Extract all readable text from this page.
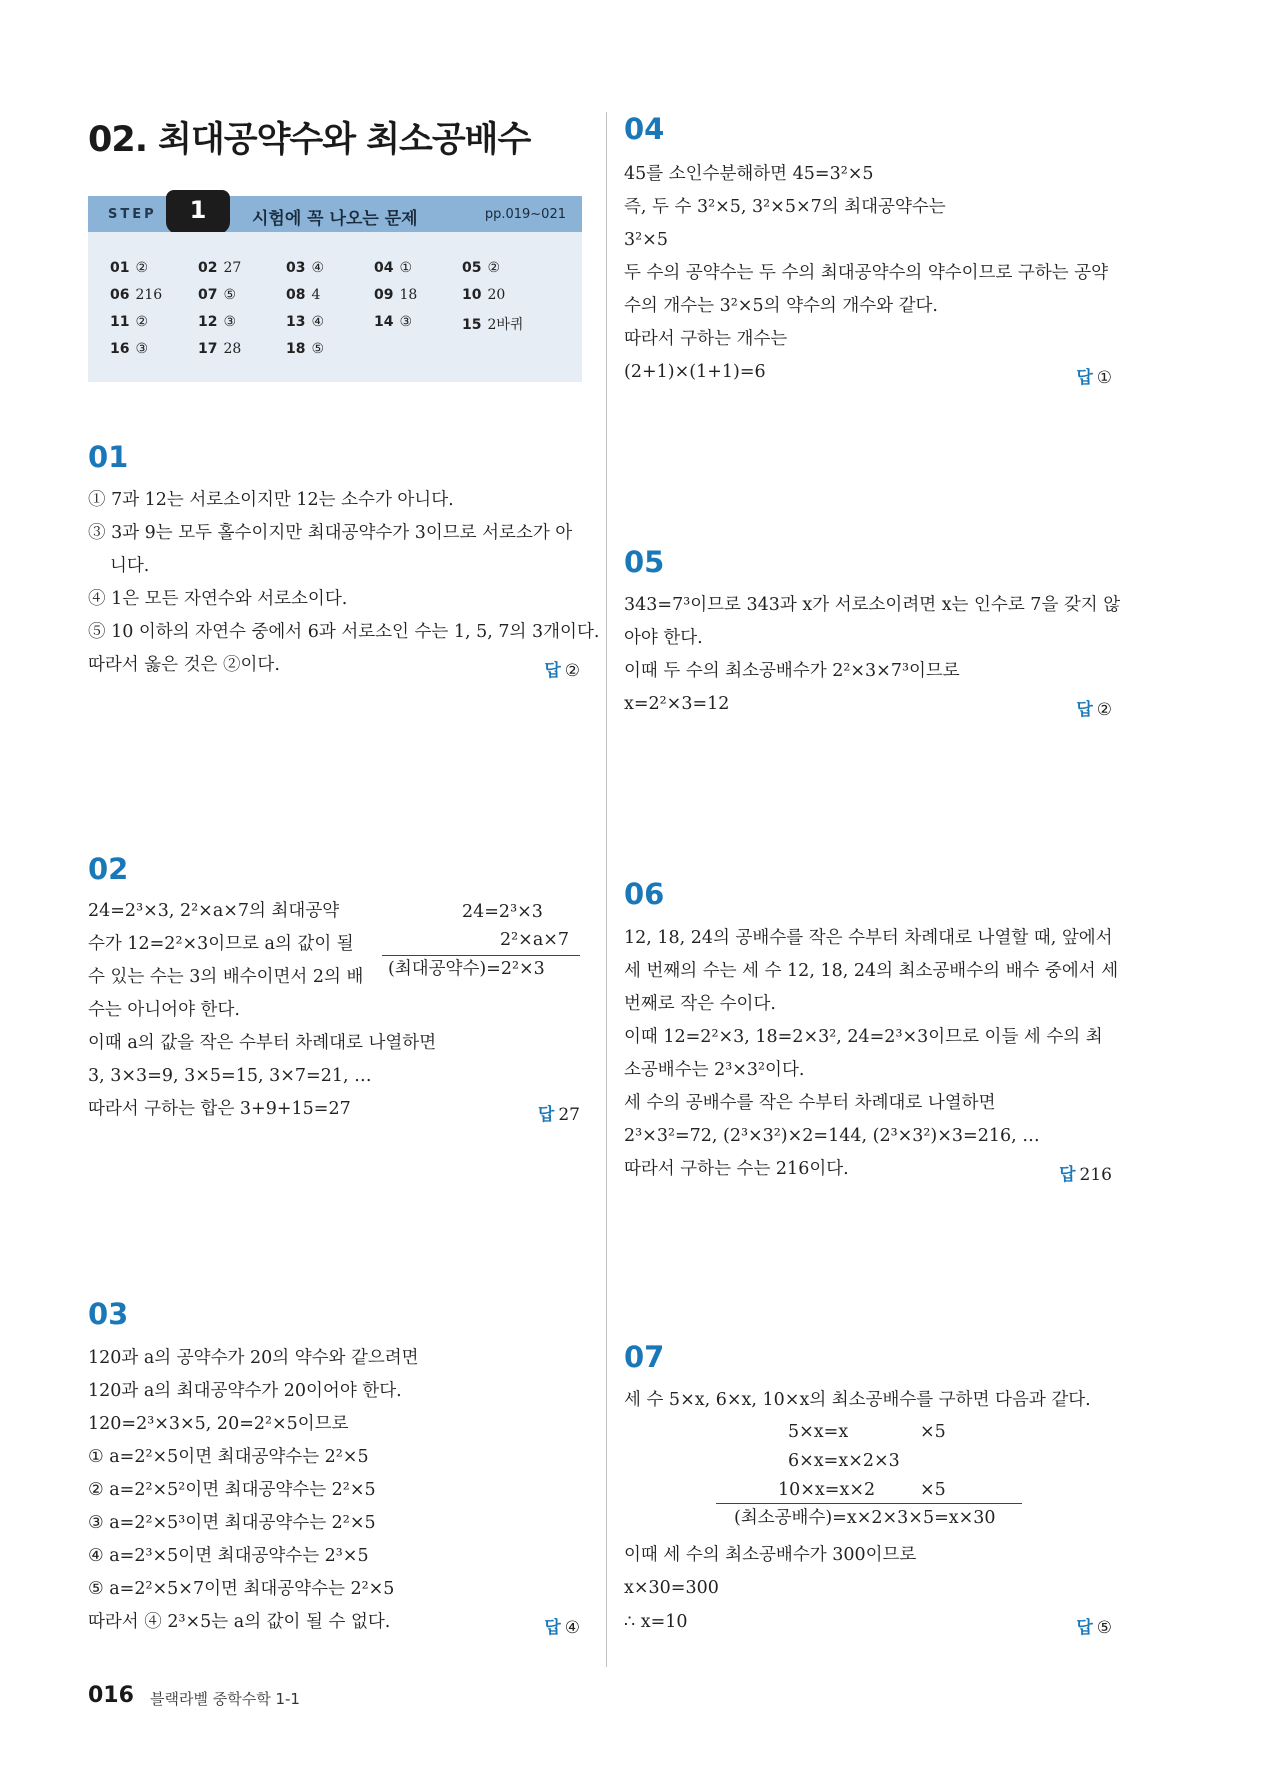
02. 최대공약수와 최소공배수
STEP	1	시험에 꼭 나오는 문제	pp.019~021
01 ②	02 27	03 ④	04 ①	05 ②
06 216	07 ⑤	08 4	09 18	10 20
11 ②	12 ③	13 ④	14 ③	15 2바퀴
16 ③	17 28	18 ⑤
01
① 7과 12는 서로소이지만 12는 소수가 아니다.
③ 3과 9는 모두 홀수이지만 최대공약수가 3이므로 서로소가 아
니다.
④ 1은 모든 자연수와 서로소이다.
⑤ 10 이하의 자연수 중에서 6과 서로소인 수는 1, 5, 7의 3개이다.
따라서 옳은 것은 ②이다.	답 ②
02
24=2³×3, 2²×a×7의 최대공약
수가 12=2²×3이므로 a의 값이 될
수 있는 수는 3의 배수이면서 2의 배
수는 아니어야 한다.
이때 a의 값을 작은 수부터 차례대로 나열하면
3, 3×3=9, 3×5=15, 3×7=21, …
따라서 구하는 합은 3+9+15=27
24=2³×3
2²×a×7
(최대공약수)=2²×3
답 27
03
120과 a의 공약수가 20의 약수와 같으려면
120과 a의 최대공약수가 20이어야 한다.
120=2³×3×5, 20=2²×5이므로
① a=2²×5이면 최대공약수는 2²×5
② a=2²×5²이면 최대공약수는 2²×5
③ a=2²×5³이면 최대공약수는 2²×5
④ a=2³×5이면 최대공약수는 2³×5
⑤ a=2²×5×7이면 최대공약수는 2²×5
따라서 ④ 2³×5는 a의 값이 될 수 없다.	답 ④
04
45를 소인수분해하면 45=3²×5
즉, 두 수 3²×5, 3²×5×7의 최대공약수는
3²×5
두 수의 공약수는 두 수의 최대공약수의 약수이므로 구하는 공약
수의 개수는 3²×5의 약수의 개수와 같다.
따라서 구하는 개수는
(2+1)×(1+1)=6	답 ①
05
343=7³이므로 343과 x가 서로소이려면 x는 인수로 7을 갖지 않
아야 한다.
이때 두 수의 최소공배수가 2²×3×7³이므로
x=2²×3=12	답 ②
06
12, 18, 24의 공배수를 작은 수부터 차례대로 나열할 때, 앞에서
세 번째의 수는 세 수 12, 18, 24의 최소공배수의 배수 중에서 세
번째로 작은 수이다.
이때 12=2²×3, 18=2×3², 24=2³×3이므로 이들 세 수의 최
소공배수는 2³×3²이다.
세 수의 공배수를 작은 수부터 차례대로 나열하면
2³×3²=72, (2³×3²)×2=144, (2³×3²)×3=216, …
따라서 구하는 수는 216이다.	답 216
07
세 수 5×x, 6×x, 10×x의 최소공배수를 구하면 다음과 같다.
5×x=x	×5
6×x=x×2×3
10×x=x×2	×5
(최소공배수)=x×2×3×5=x×30
이때 세 수의 최소공배수가 300이므로
x×30=300
∴ x=10	답 ⑤
016 블랙라벨 중학수학 1-1
